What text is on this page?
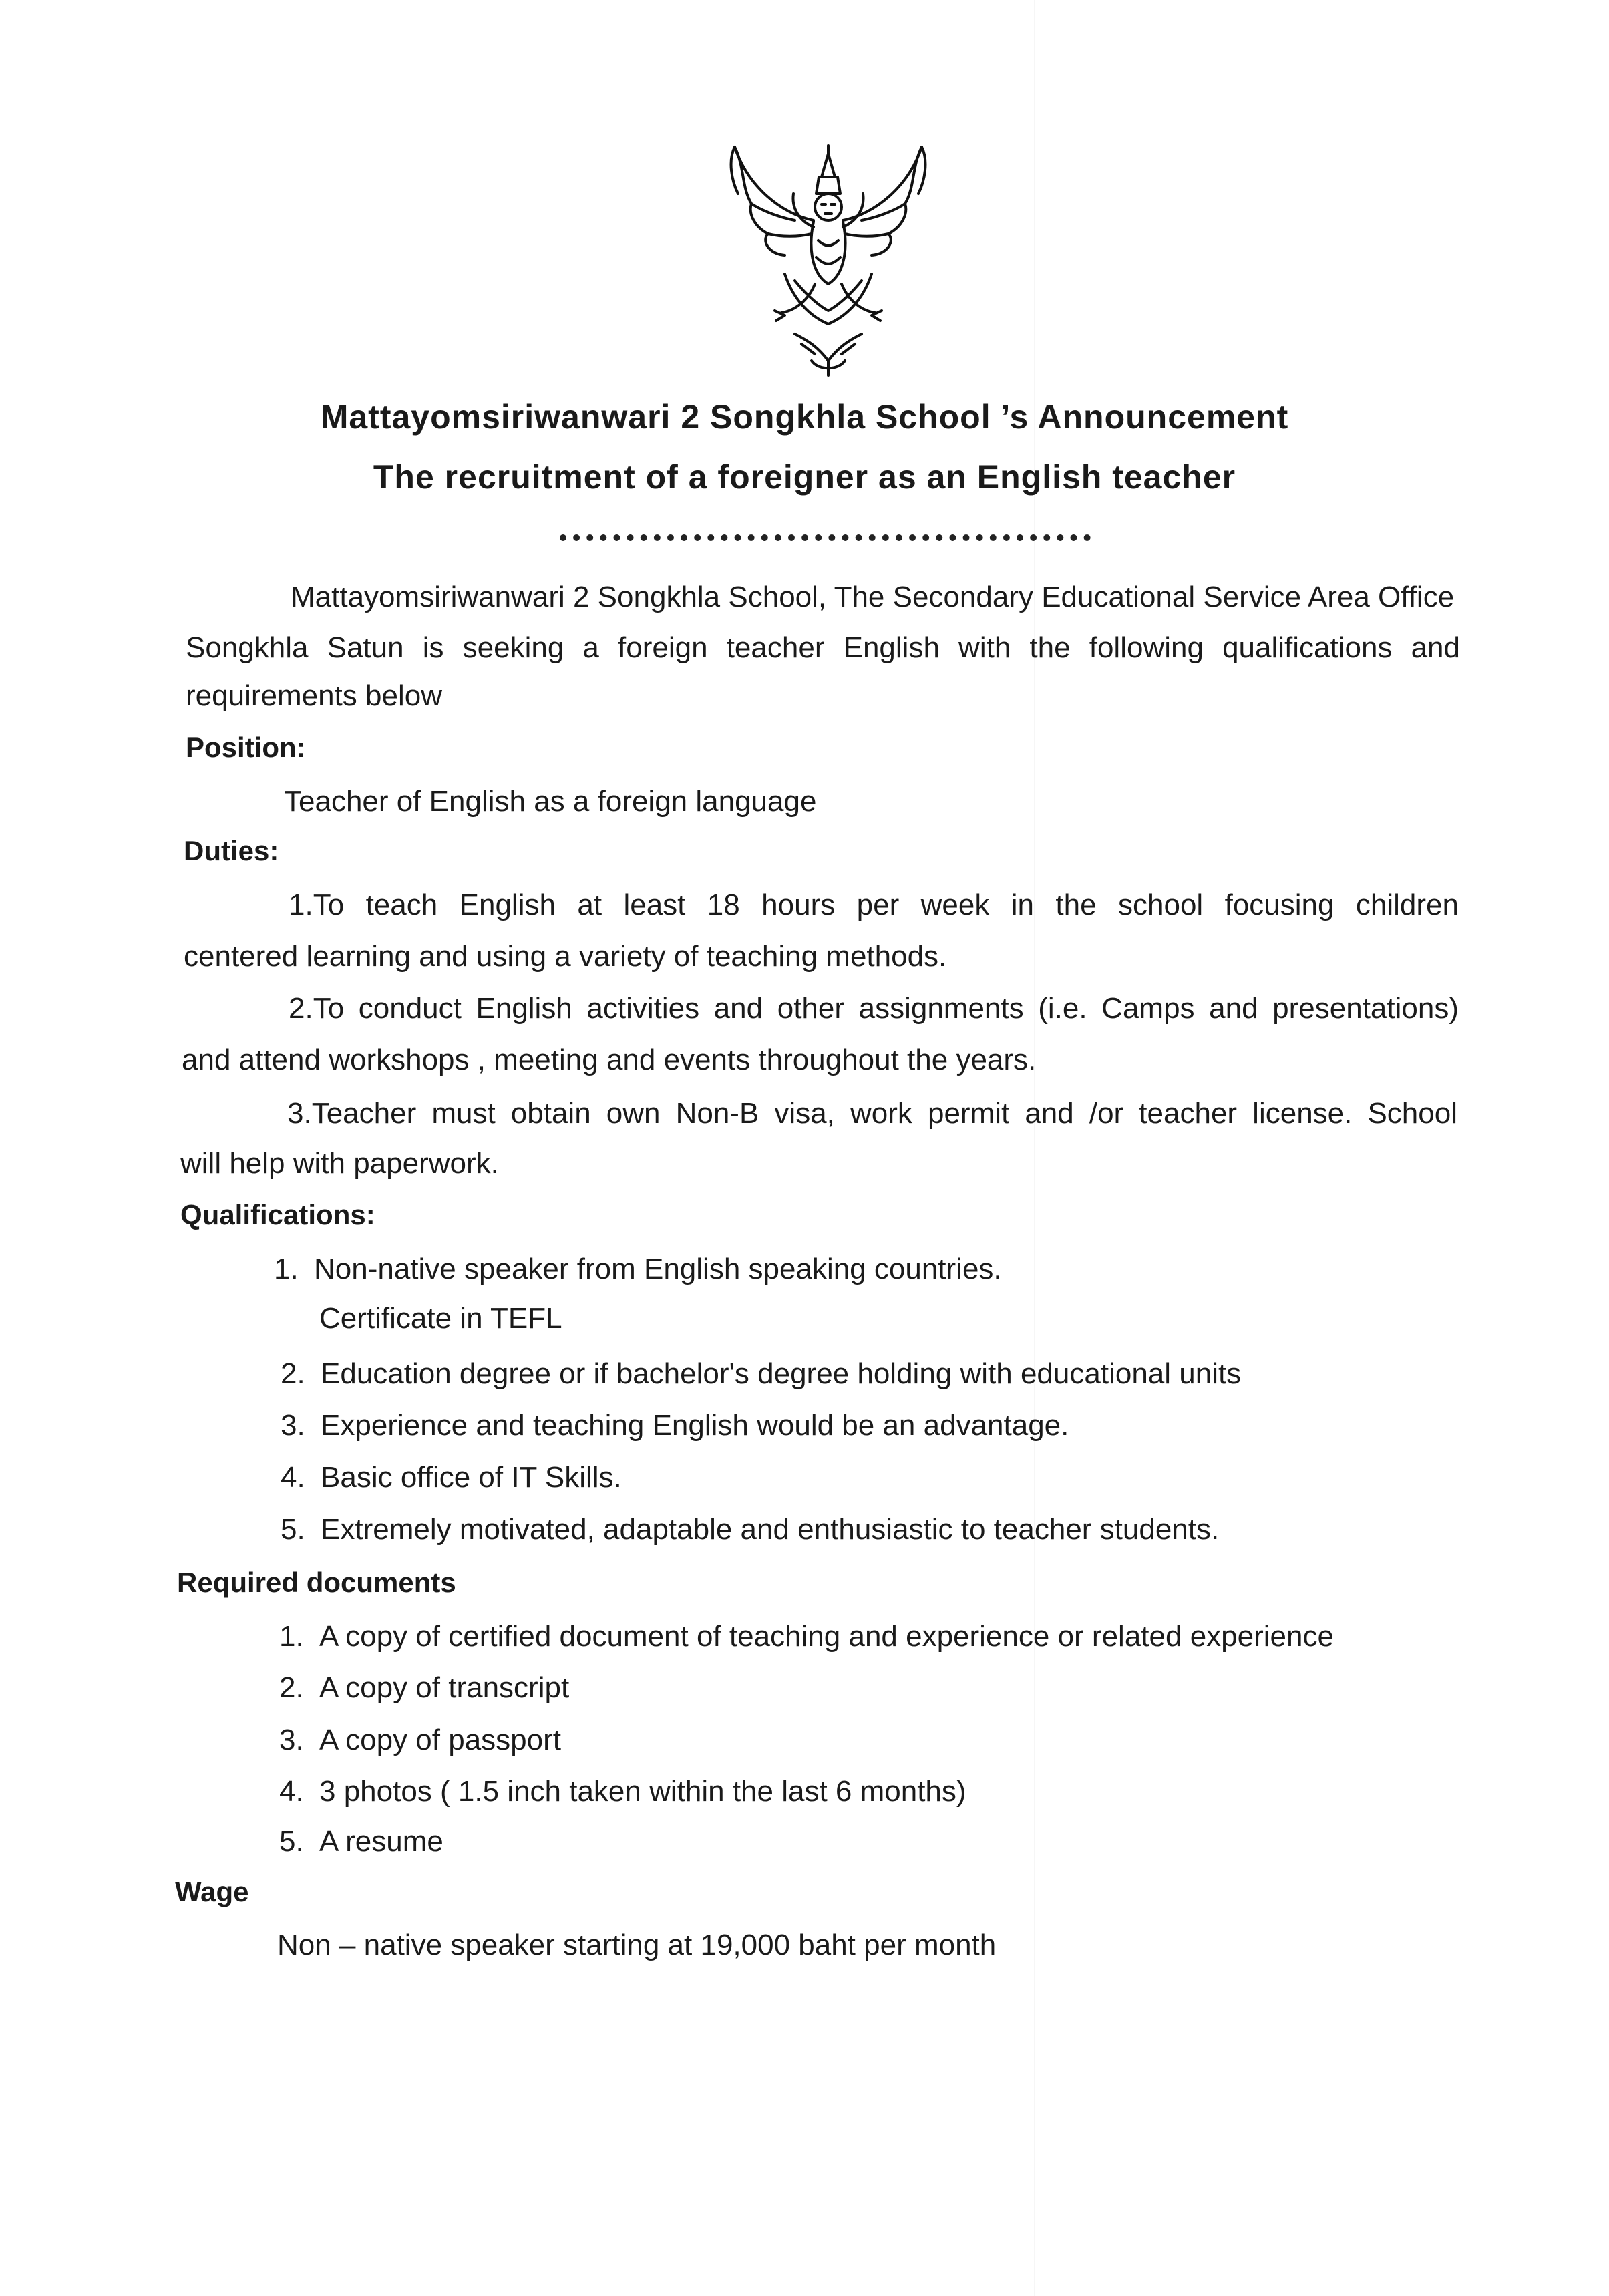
Mattayomsiriwanwari 2 Songkhla School ’s Announcement
The recruitment of a foreigner as an English teacher
Mattayomsiriwanwari 2 Songkhla School, The Secondary Educational Service Area Office
Songkhla Satun is seeking a foreign teacher English with the following qualifications and
requirements below
Position:
Teacher of English as a foreign language
Duties:
1.To teach English at least 18 hours per week in the school focusing children
centered learning and using a variety of teaching methods.
2.To conduct English activities and other assignments (i.e. Camps and presentations)
and attend workshops , meeting and events throughout the years.
3.Teacher must obtain own Non-B visa, work permit and /or teacher license. School
will help with paperwork.
Qualifications:
1. Non-native speaker from English speaking countries.
Certificate in TEFL
2. Education degree or if bachelor's degree holding with educational units
3. Experience and teaching English would be an advantage.
4. Basic office of IT Skills.
5. Extremely motivated, adaptable and enthusiastic to teacher students.
Required documents
1. A copy of certified document of teaching and experience or related experience
2. A copy of transcript
3. A copy of passport
4. 3 photos ( 1.5 inch taken within the last 6 months)
5. A resume
Wage
Non – native speaker starting at 19,000 baht per month
